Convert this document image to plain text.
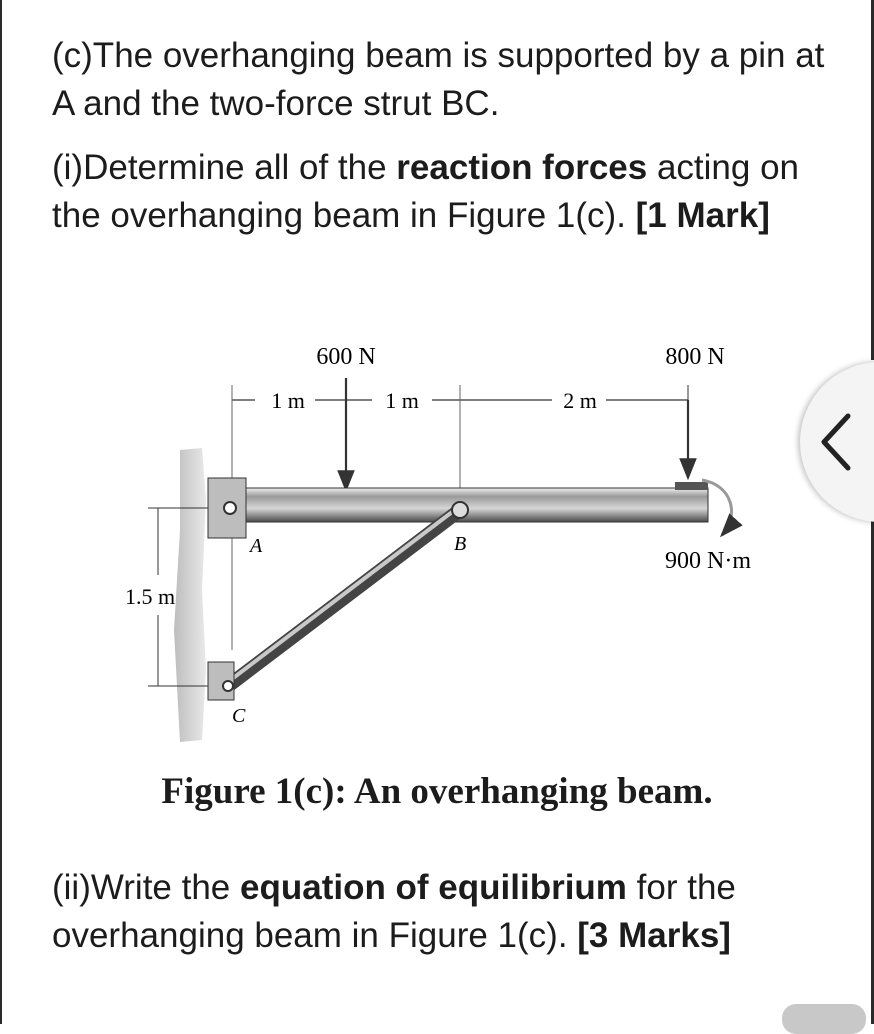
(c)The overhanging beam is supported by a pin at A and the two-force strut BC.
(i)Determine all of the reaction forces acting on the overhanging beam in Figure 1(c). [1 Mark]
1 m	1 m	2 m
600 N	800 N
A	B
C
1.5 m
900 N·m
Figure 1(c): An overhanging beam.
(ii)Write the equation of equilibrium for the overhanging beam in Figure 1(c). [3 Marks]
